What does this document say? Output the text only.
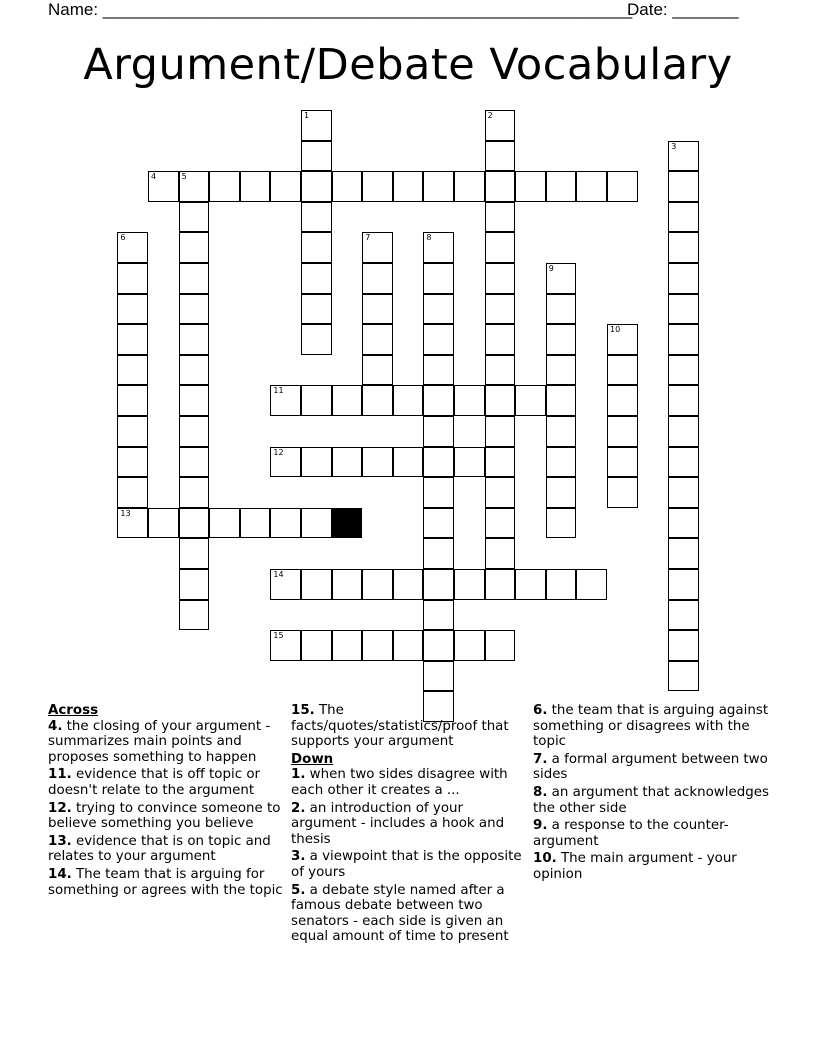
Name: ________________________________________________________
Date: _______
Argument/Debate Vocabulary
1	2
3
4	5
6	7	8
9
10
11
12
13
14
15
Across
4. the closing of your argument - summarizes main points and proposes something to happen
11. evidence that is off topic or doesn't relate to the argument
12. trying to convince someone to believe something you believe
13. evidence that is on topic and relates to your argument
14. The team that is arguing for something or agrees with the topic
15. The facts/quotes/statistics/proof that supports your argument
Down
1. when two sides disagree with each other it creates a ...
2. an introduction of your argument - includes a hook and thesis
3. a viewpoint that is the opposite of yours
5. a debate style named after a famous debate between two senators - each side is given an equal amount of time to present
6. the team that is arguing against something or disagrees with the topic
7. a formal argument between two sides
8. an argument that acknowledges the other side
9. a response to the counter-argument
10. The main argument - your opinion
